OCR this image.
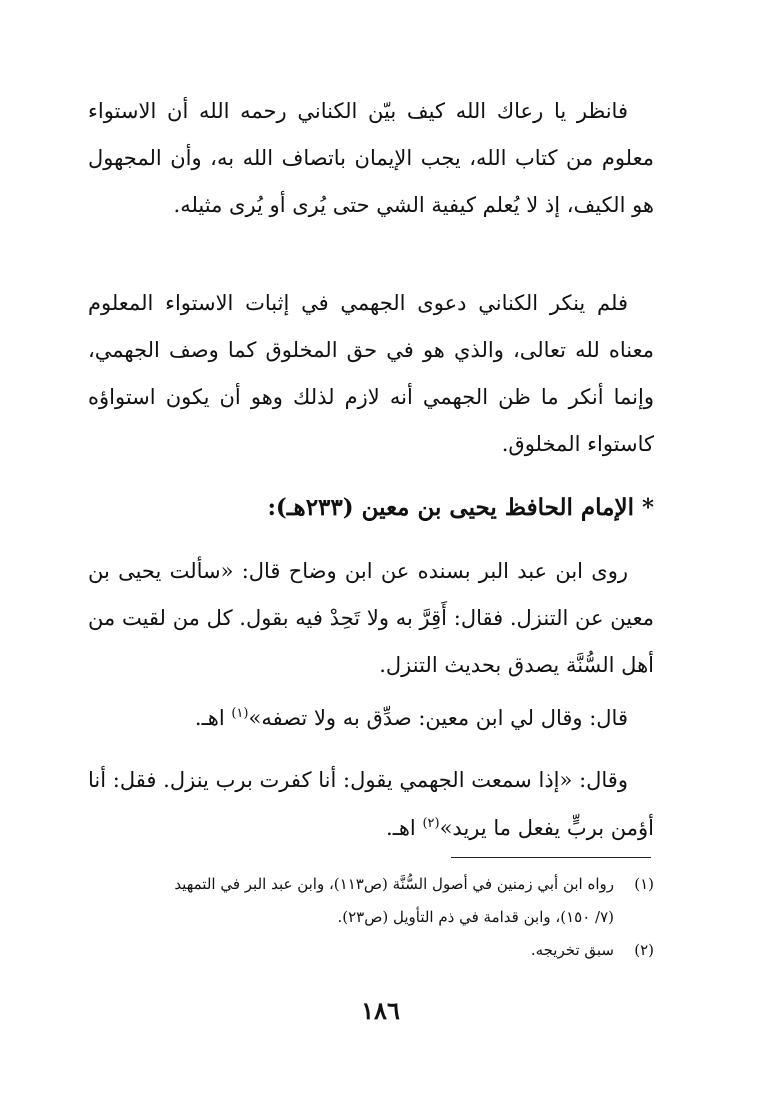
فانظر يا رعاك الله كيف بيّن الكناني رحمه الله أن الاستواء معلوم من كتاب الله، يجب الإيمان باتصاف الله به، وأن المجهول هو الكيف، إذ لا يُعلم كيفية الشي حتى يُرى أو يُرى مثيله.

فلم ينكر الكناني دعوى الجهمي في إثبات الاستواء المعلوم معناه لله تعالى، والذي هو في حق المخلوق كما وصف الجهمي، وإنما أنكر ما ظن الجهمي أنه لازم لذلك وهو أن يكون استواؤه كاستواء المخلوق.

* الإمام الحافظ يحيى بن معين (٢٣٣هـ):

روى ابن عبد البر بسنده عن ابن وضاح قال: «سألت يحيى بن معين عن التنزل. فقال: أَقِرَّ به ولا تَحِدْ فيه بقول. كل من لقيت من أهل السُّنَّة يصدق بحديث التنزل.

قال: وقال لي ابن معين: صدِّق به ولا تصفه»$^{(١)}$ اهـ.

وقال: «إذا سمعت الجهمي يقول: أنا كفرت برب ينزل. فقل: أنا أؤمن بربٍّ يفعل ما يريد»$^{(٢)}$ اهـ.

(١)رواه ابن أبي زمنين في أصول السُّنَّة (ص١١٣)، وابن عبد البر في التمهيد

(٧/ ١٥٠)، وابن قدامة في ذم التأويل (ص٢٣).

(٢)سبق تخريجه.

١٨٦
